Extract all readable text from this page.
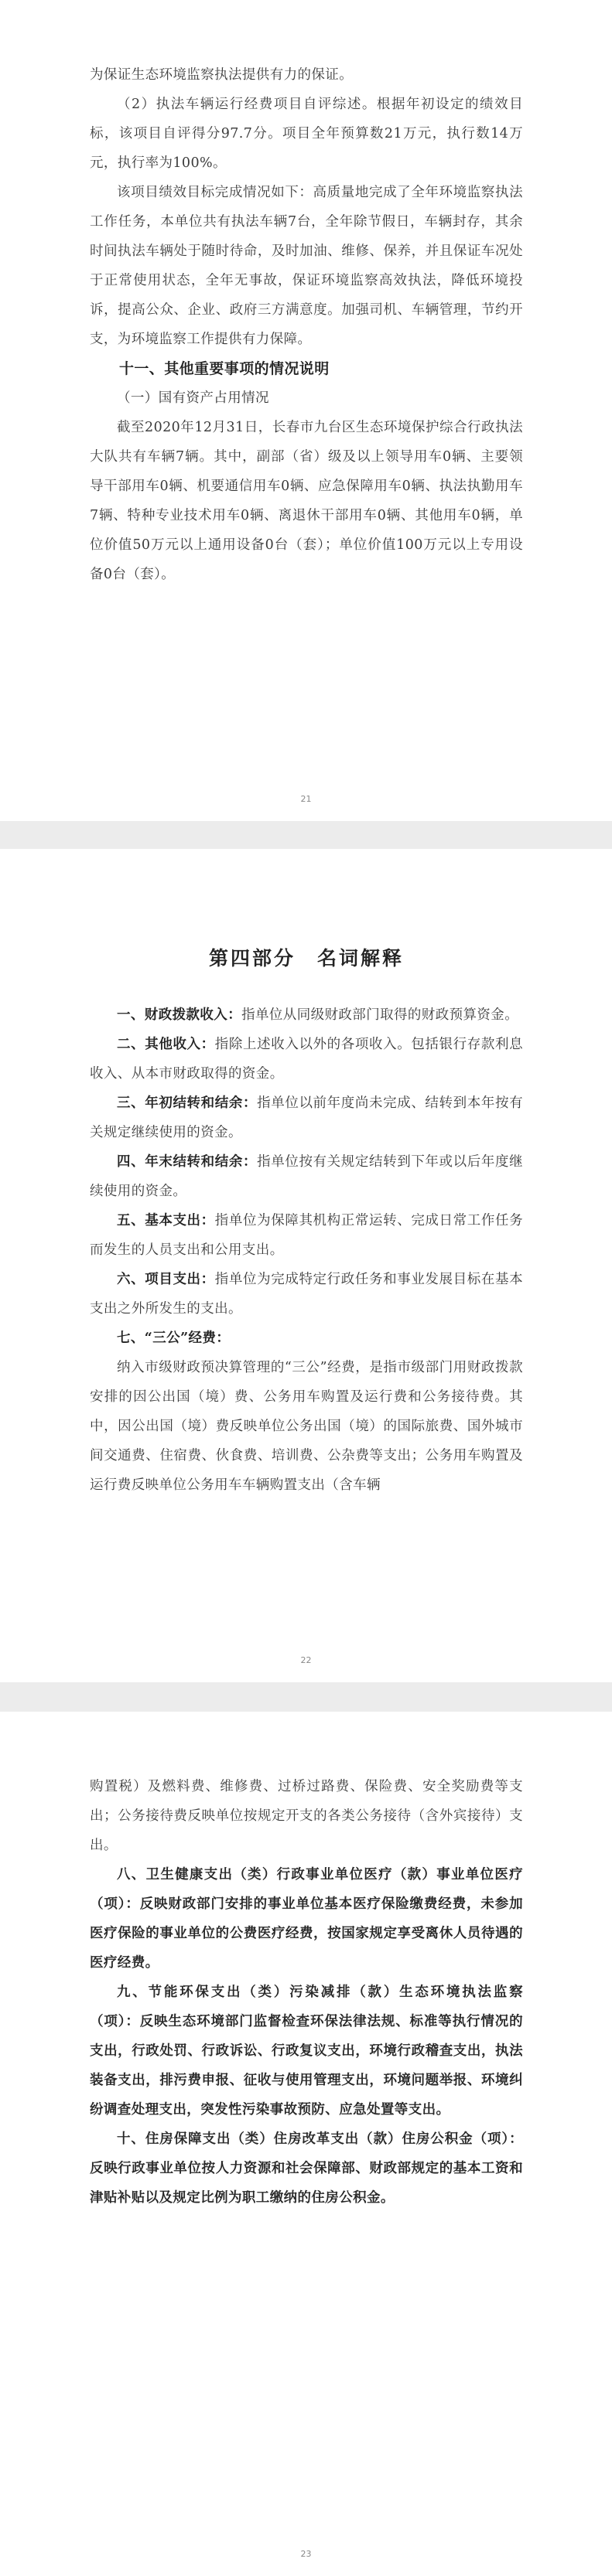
为保证生态环境监察执法提供有力的保证。

（2）执法车辆运行经费项目自评综述。根据年初设定的绩效目标，该项目自评得分97.7分。项目全年预算数21万元，执行数14万元，执行率为100%。

该项目绩效目标完成情况如下：高质量地完成了全年环境监察执法工作任务，本单位共有执法车辆7台，全年除节假日，车辆封存，其余时间执法车辆处于随时待命，及时加油、维修、保养，并且保证车况处于正常使用状态，全年无事故，保证环境监察高效执法，降低环境投诉，提高公众、企业、政府三方满意度。加强司机、车辆管理，节约开支，为环境监察工作提供有力保障。

十一、其他重要事项的情况说明

（一）国有资产占用情况

截至2020年12月31日，长春市九台区生态环境保护综合行政执法大队共有车辆7辆。其中，副部（省）级及以上领导用车0辆、主要领导干部用车0辆、机要通信用车0辆、应急保障用车0辆、执法执勤用车7辆、特种专业技术用车0辆、离退休干部用车0辆、其他用车0辆，单位价值50万元以上通用设备0台（套）；单位价值100万元以上专用设备0台（套）。

21
第四部分　名词解释

一、财政拨款收入：指单位从同级财政部门取得的财政预算资金。

二、其他收入：指除上述收入以外的各项收入。包括银行存款利息收入、从本市财政取得的资金。

三、年初结转和结余：指单位以前年度尚未完成、结转到本年按有关规定继续使用的资金。

四、年末结转和结余：指单位按有关规定结转到下年或以后年度继续使用的资金。

五、基本支出：指单位为保障其机构正常运转、完成日常工作任务而发生的人员支出和公用支出。

六、项目支出：指单位为完成特定行政任务和事业发展目标在基本支出之外所发生的支出。

七、“三公”经费：

纳入市级财政预决算管理的“三公”经费，是指市级部门用财政拨款安排的因公出国（境）费、公务用车购置及运行费和公务接待费。其中，因公出国（境）费反映单位公务出国（境）的国际旅费、国外城市间交通费、住宿费、伙食费、培训费、公杂费等支出；公务用车购置及运行费反映单位公务用车车辆购置支出（含车辆

22

购置税）及燃料费、维修费、过桥过路费、保险费、安全奖励费等支出；公务接待费反映单位按规定开支的各类公务接待（含外宾接待）支出。

八、卫生健康支出（类）行政事业单位医疗（款）事业单位医疗（项）：反映财政部门安排的事业单位基本医疗保险缴费经费，未参加医疗保险的事业单位的公费医疗经费，按国家规定享受离休人员待遇的医疗经费。

九、节能环保支出（类）污染减排（款）生态环境执法监察（项）：反映生态环境部门监督检查环保法律法规、标准等执行情况的支出，行政处罚、行政诉讼、行政复议支出，环境行政稽查支出，执法装备支出，排污费申报、征收与使用管理支出，环境问题举报、环境纠纷调查处理支出，突发性污染事故预防、应急处置等支出。

十、住房保障支出（类）住房改革支出（款）住房公积金（项）：反映行政事业单位按人力资源和社会保障部、财政部规定的基本工资和津贴补贴以及规定比例为职工缴纳的住房公积金。

23
